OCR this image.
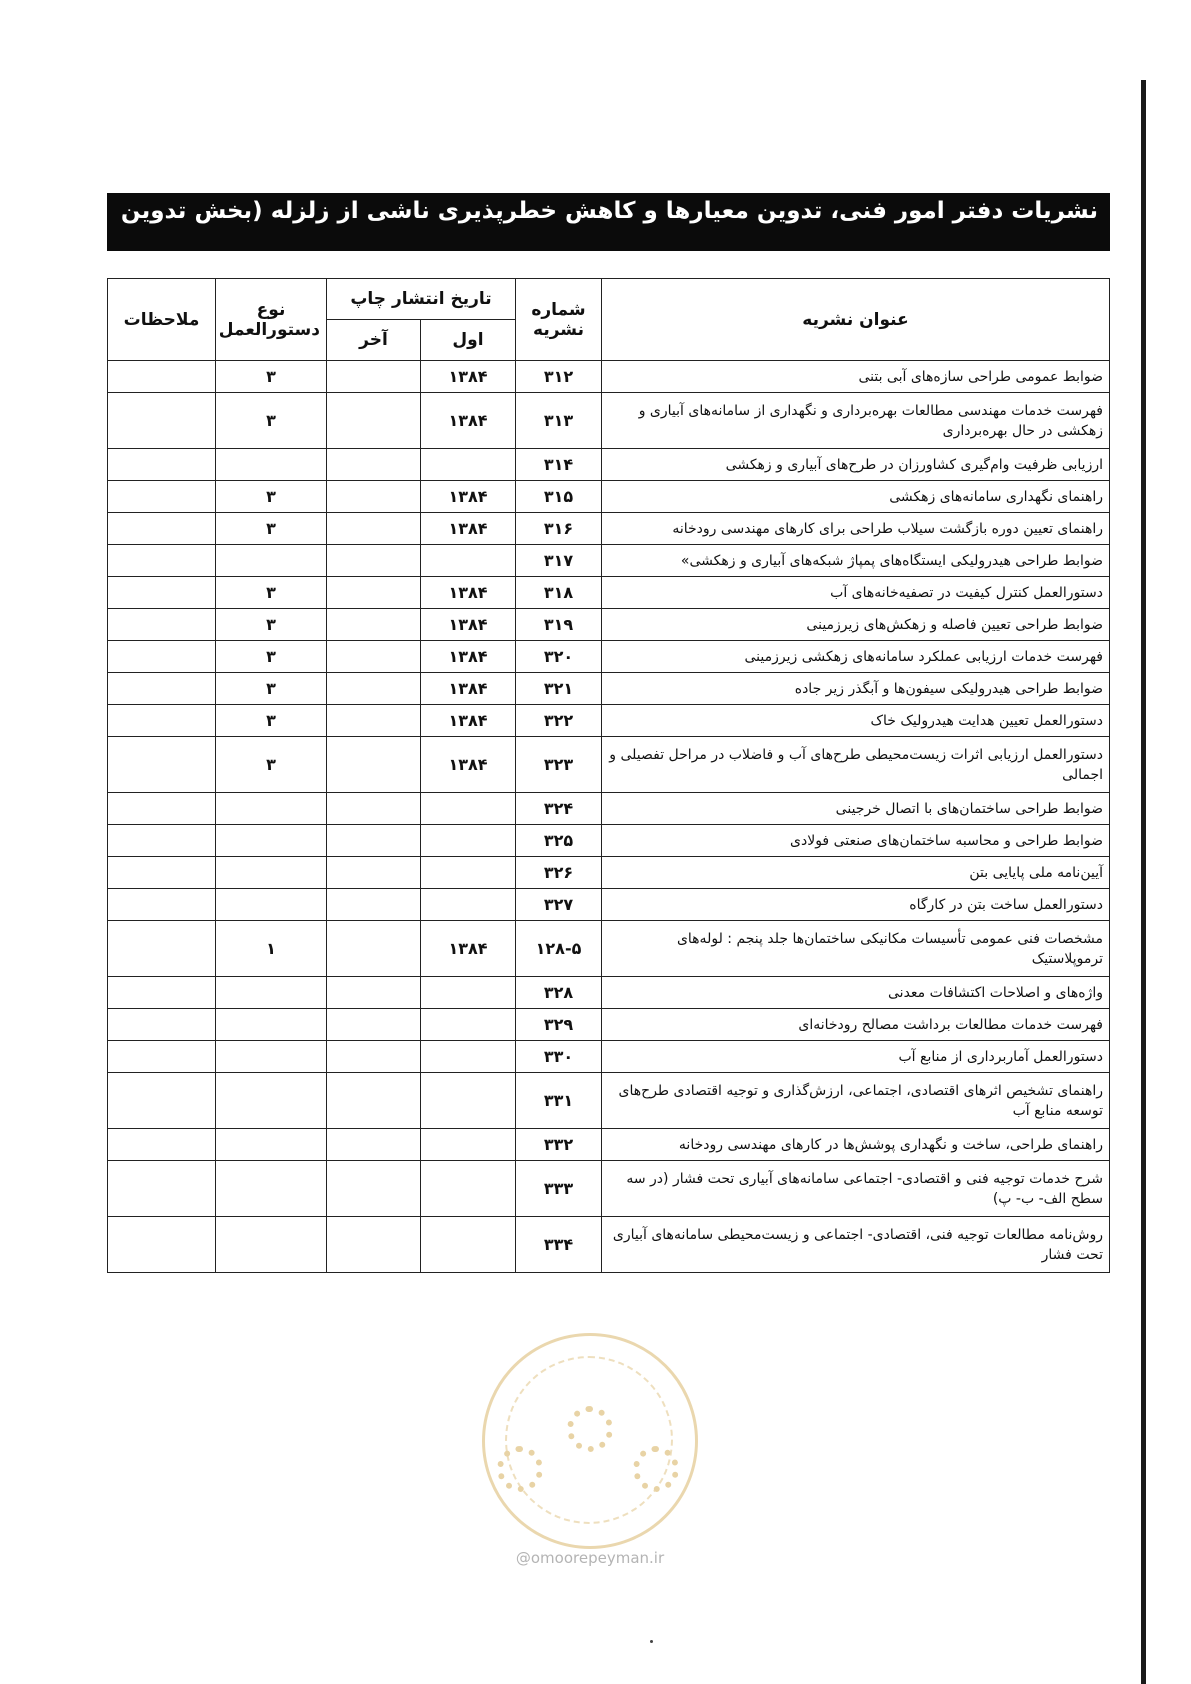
نشریات دفتر امور فنی، تدوین معیارها و کاهش خطرپذیری ناشی از زلزله (بخش تدوین
عنوان نشریه	شماره نشریه	تاریخ انتشار چاپ		نوع دستورالعمل	ملاحظات
		اول	آخر		
ضوابط عمومی طراحی سازه‌های آبی بتنی	۳۱۲	۱۳۸۴		۳	
فهرست خدمات مهندسی مطالعات بهره‌برداری و نگهداری از سامانه‌های آبیاری و زهکشی در حال بهره‌برداری	۳۱۳	۱۳۸۴		۳	
ارزیابی ظرفیت وام‌گیری کشاورزان در طرح‌های آبیاری و زهکشی	۳۱۴				
راهنمای نگهداری سامانه‌های زهکشی	۳۱۵	۱۳۸۴		۳	
راهنمای تعیین دوره بازگشت سیلاب طراحی برای کارهای مهندسی رودخانه	۳۱۶	۱۳۸۴		۳	
ضوابط طراحی هیدرولیکی ایستگاه‌های پمپاژ شبکه‌های آبیاری و زهکشی»	۳۱۷				
دستورالعمل کنترل کیفیت در تصفیه‌خانه‌های آب	۳۱۸	۱۳۸۴		۳	
ضوابط طراحی تعیین فاصله و زهکش‌های زیرزمینی	۳۱۹	۱۳۸۴		۳	
فهرست خدمات ارزیابی عملکرد سامانه‌های زهکشی زیرزمینی	۳۲۰	۱۳۸۴		۳	
ضوابط طراحی هیدرولیکی سیفون‌ها و آبگذر زیر جاده	۳۲۱	۱۳۸۴		۳	
دستورالعمل تعیین هدایت هیدرولیک خاک	۳۲۲	۱۳۸۴		۳	
دستورالعمل ارزیابی اثرات زیست‌محیطی طرح‌های آب و فاضلاب در مراحل تفصیلی و اجمالی	۳۲۳	۱۳۸۴		۳	
ضوابط طراحی ساختمان‌های با اتصال خرجینی	۳۲۴				
ضوابط طراحی و محاسبه ساختمان‌های صنعتی فولادی	۳۲۵				
آیین‌نامه ملی پایایی بتن	۳۲۶				
دستورالعمل ساخت بتن در کارگاه	۳۲۷				
مشخصات فنی عمومی تأسیسات مکانیکی ساختمان‌ها جلد پنجم : لوله‌های ترموپلاستیک	۱۲۸-۵	۱۳۸۴		۱	
واژه‌های و اصلاحات اکتشافات معدنی	۳۲۸				
فهرست خدمات مطالعات برداشت مصالح رودخانه‌ای	۳۲۹				
دستورالعمل آماربرداری از منابع آب	۳۳۰				
راهنمای تشخیص اثرهای اقتصادی، اجتماعی، ارزش‌گذاری و توجیه اقتصادی طرح‌های توسعه منابع آب	۳۳۱				
راهنمای طراحی، ساخت و نگهداری پوشش‌ها در کارهای مهندسی رودخانه	۳۳۲				
شرح خدمات توجیه فنی و اقتصادی- اجتماعی سامانه‌های آبیاری تحت فشار (در سه سطح الف- ب- پ)	۳۳۳				
روش‌نامه مطالعات توجیه فنی، اقتصادی- اجتماعی و زیست‌محیطی سامانه‌های آبیاری تحت فشار	۳۳۴				
@omoorepeyman.ir
